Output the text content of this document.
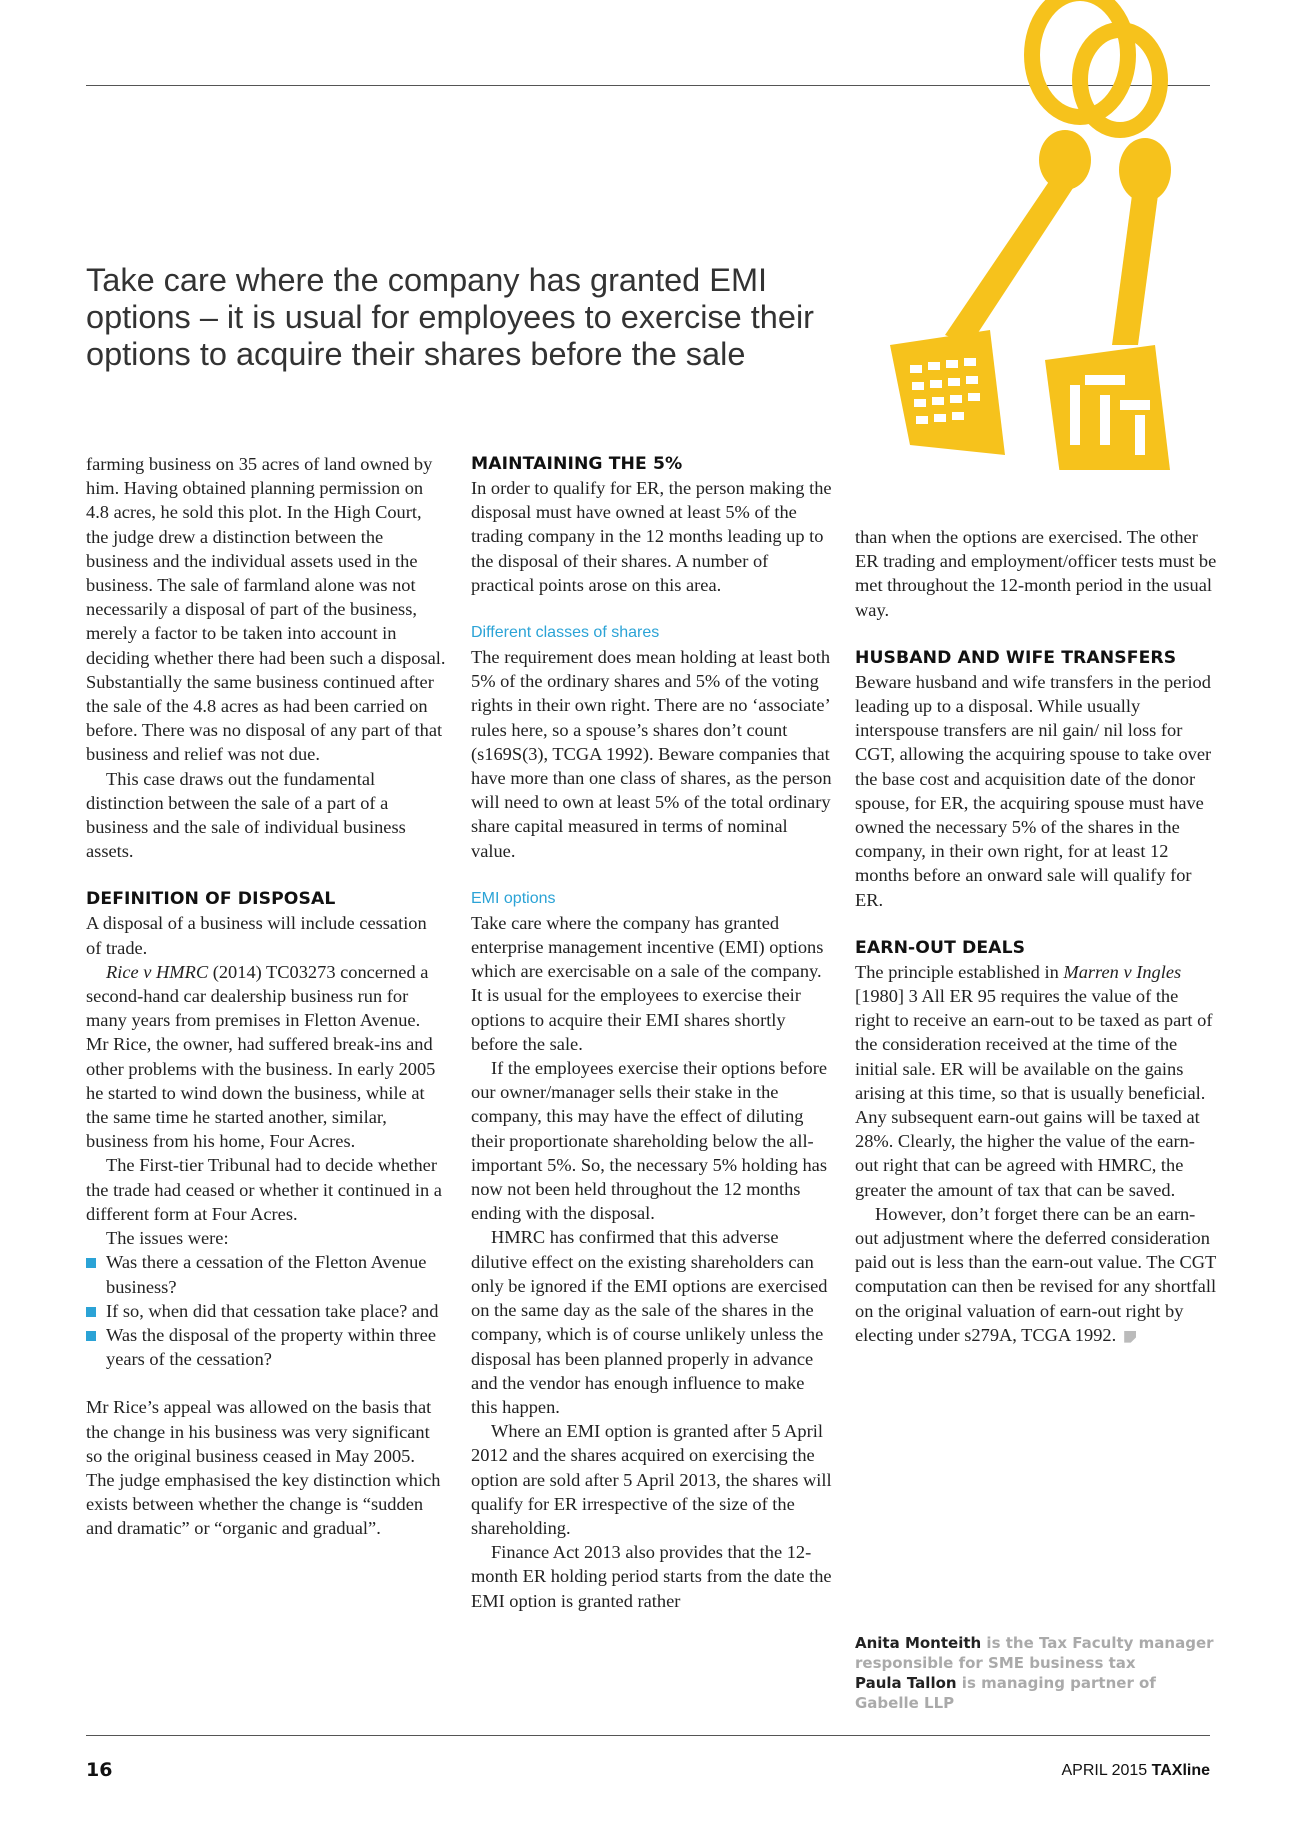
Take care where the company has granted EMI options – it is usual for employees to exercise their options to acquire their shares before the sale

farming business on 35 acres of land owned by him. Having obtained planning permission on 4.8 acres, he sold this plot. In the High Court, the judge drew a distinction between the business and the individual assets used in the business. The sale of farmland alone was not necessarily a disposal of part of the business, merely a factor to be taken into account in deciding whether there had been such a disposal. Substantially the same business continued after the sale of the 4.8 acres as had been carried on before. There was no disposal of any part of that business and relief was not due.

This case draws out the fundamental distinction between the sale of a part of a business and the sale of individual business assets.

DEFINITION OF DISPOSAL

A disposal of a business will include cessation of trade.

Rice v HMRC (2014) TC03273 concerned a second-hand car dealership business run for many years from premises in Fletton Avenue. Mr Rice, the owner, had suffered break-ins and other problems with the business. In early 2005 he started to wind down the business, while at the same time he started another, similar, business from his home, Four Acres.

The First-tier Tribunal had to decide whether the trade had ceased or whether it continued in a different form at Four Acres.

The issues were:

Was there a cessation of the Fletton Avenue business?
If so, when did that cessation take place? and
Was the disposal of the property within three years of the cessation?

Mr Rice’s appeal was allowed on the basis that the change in his business was very significant so the original business ceased in May 2005. The judge emphasised the key distinction which exists between whether the change is “sudden and dramatic” or “organic and gradual”.

MAINTAINING THE 5%

In order to qualify for ER, the person making the disposal must have owned at least 5% of the trading company in the 12 months leading up to the disposal of their shares. A number of practical points arose on this area.

Different classes of shares

The requirement does mean holding at least both 5% of the ordinary shares and 5% of the voting rights in their own right. There are no ‘associate’ rules here, so a spouse’s shares don’t count (s169S(3), TCGA 1992). Beware companies that have more than one class of shares, as the person will need to own at least 5% of the total ordinary share capital measured in terms of nominal value.

EMI options

Take care where the company has granted enterprise management incentive (EMI) options which are exercisable on a sale of the company. It is usual for the employees to exercise their options to acquire their EMI shares shortly before the sale.

If the employees exercise their options before our owner/manager sells their stake in the company, this may have the effect of diluting their proportionate shareholding below the all-important 5%. So, the necessary 5% holding has now not been held throughout the 12 months ending with the disposal.

HMRC has confirmed that this adverse dilutive effect on the existing shareholders can only be ignored if the EMI options are exercised on the same day as the sale of the shares in the company, which is of course unlikely unless the disposal has been planned properly in advance and the vendor has enough influence to make this happen.

Where an EMI option is granted after 5 April 2012 and the shares acquired on exercising the option are sold after 5 April 2013, the shares will qualify for ER irrespective of the size of the shareholding.

Finance Act 2013 also provides that the 12-month ER holding period starts from the date the EMI option is granted rather

than when the options are exercised. The other ER trading and employment/officer tests must be met throughout the 12-month period in the usual way.

HUSBAND AND WIFE TRANSFERS

Beware husband and wife transfers in the period leading up to a disposal. While usually interspouse transfers are nil gain/ nil loss for CGT, allowing the acquiring spouse to take over the base cost and acquisition date of the donor spouse, for ER, the acquiring spouse must have owned the necessary 5% of the shares in the company, in their own right, for at least 12 months before an onward sale will qualify for ER.

EARN-OUT DEALS

The principle established in Marren v Ingles [1980] 3 All ER 95 requires the value of the right to receive an earn-out to be taxed as part of the consideration received at the time of the initial sale. ER will be available on the gains arising at this time, so that is usually beneficial. Any subsequent earn-out gains will be taxed at 28%. Clearly, the higher the value of the earn-out right that can be agreed with HMRC, the greater the amount of tax that can be saved.

However, don’t forget there can be an earn-out adjustment where the deferred consideration paid out is less than the earn-out value. The CGT computation can then be revised for any shortfall on the original valuation of earn-out right by electing under s279A, TCGA 1992.

Anita Monteith is the Tax Faculty manager responsible for SME business tax
Paula Tallon is managing partner of Gabelle LLP
16	APRIL 2015 TAXline
